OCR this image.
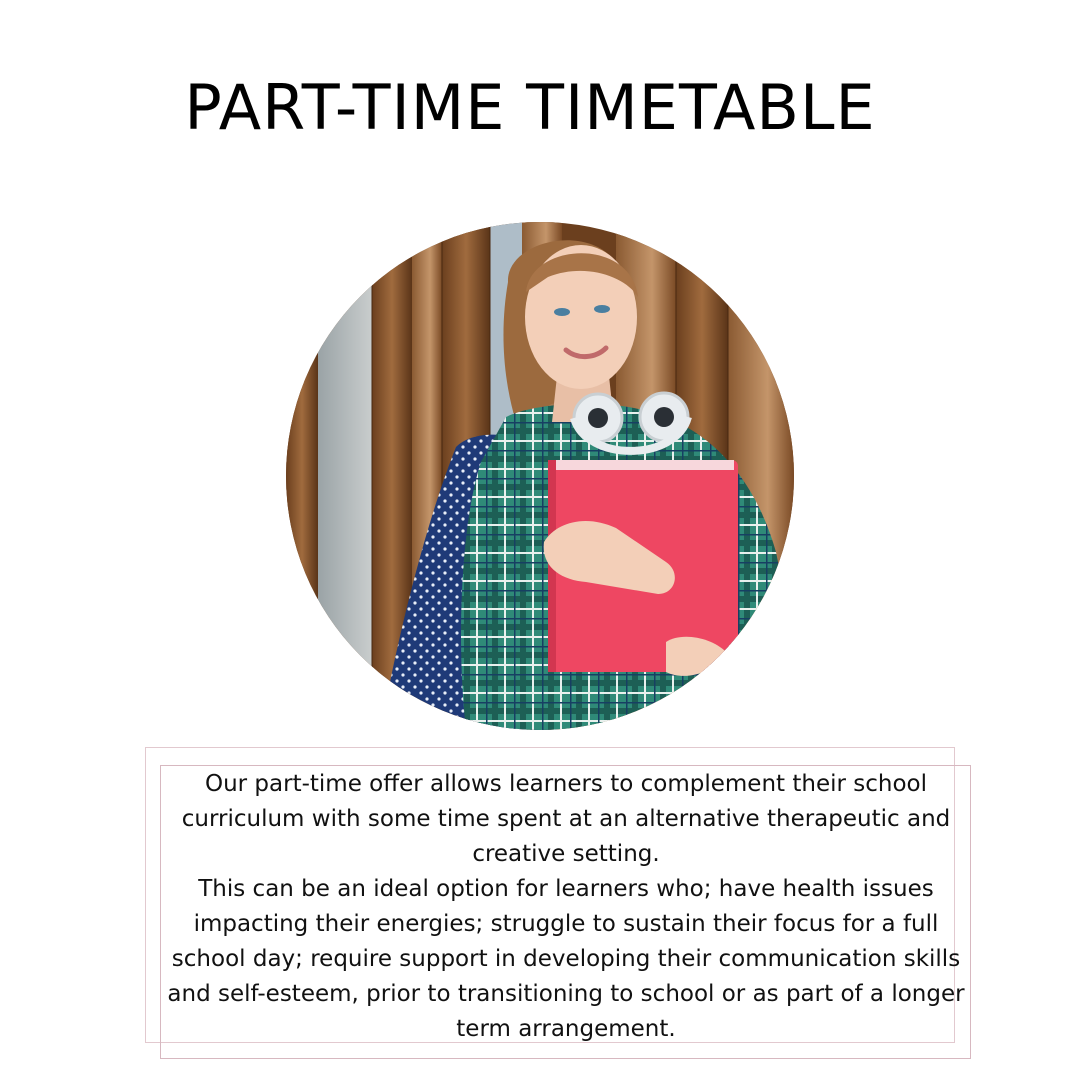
PART-TIME TIMETABLE

Our part-time offer allows learners to complement their school curriculum with some time spent at an alternative therapeutic and creative setting.

This can be an ideal option for learners who; have health issues impacting their energies; struggle to sustain their focus for a full school day; require support in developing their communication skills and self-esteem, prior to transitioning to school or as part of a longer term arrangement.
